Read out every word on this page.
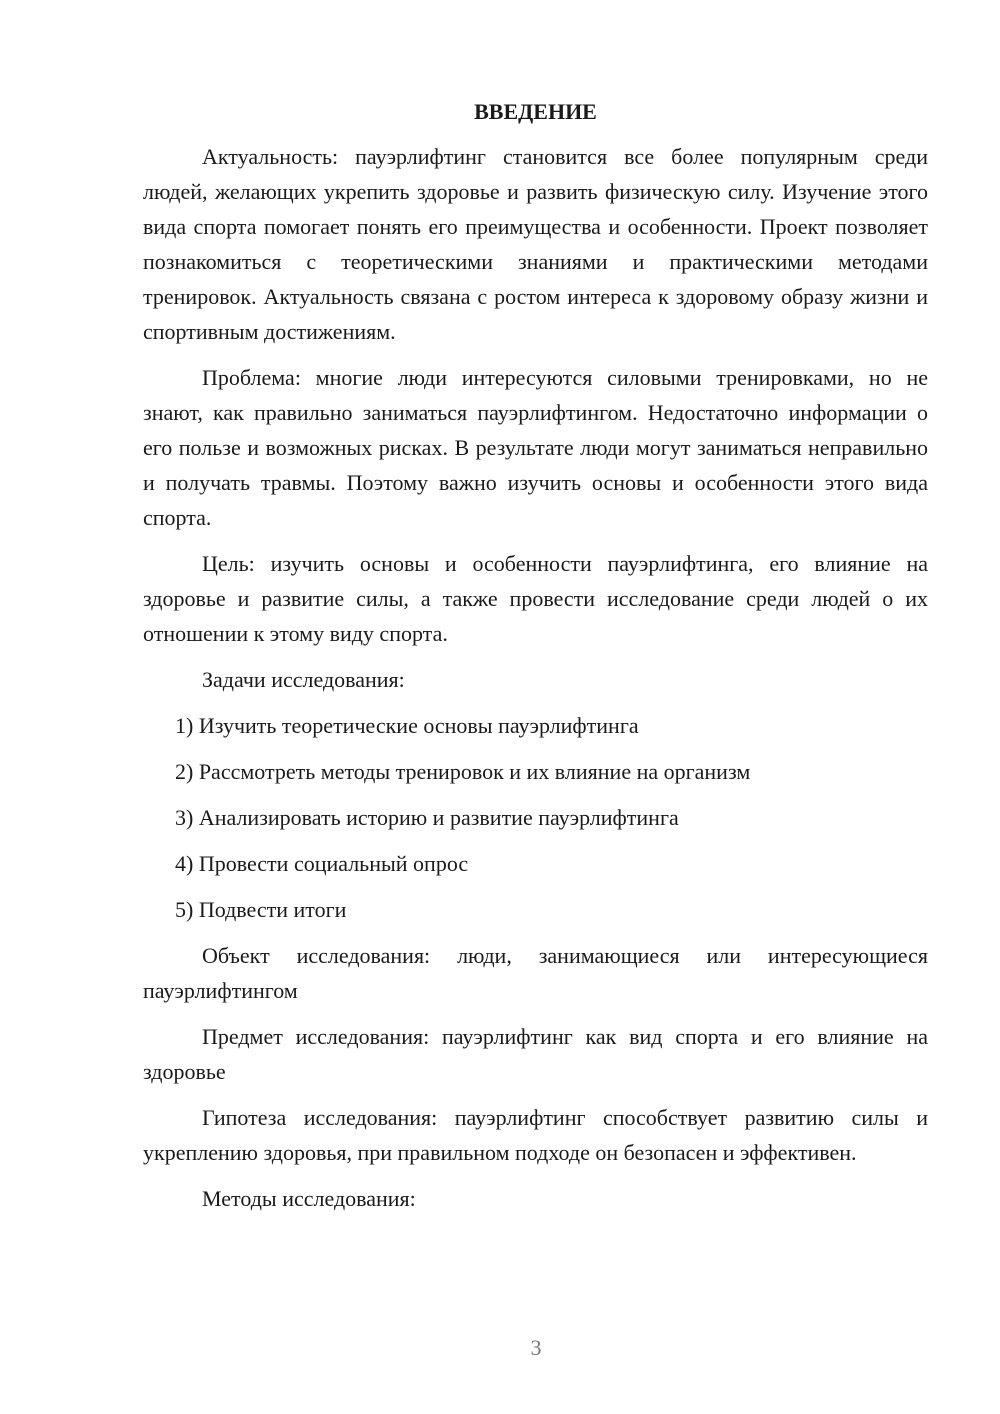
ВВЕДЕНИЕ

Актуальность: пауэрлифтинг становится все более популярным среди людей, желающих укрепить здоровье и развить физическую силу. Изучение этого вида спорта помогает понять его преимущества и особенности. Проект позволяет познакомиться с теоретическими знаниями и практическими методами тренировок. Актуальность связана с ростом интереса к здоровому образу жизни и спортивным достижениям.

Проблема: многие люди интересуются силовыми тренировками, но не знают, как правильно заниматься пауэрлифтингом. Недостаточно информации о его пользе и возможных рисках. В результате люди могут заниматься неправильно и получать травмы. Поэтому важно изучить основы и особенности этого вида спорта.

Цель: изучить основы и особенности пауэрлифтинга, его влияние на здоровье и развитие силы, а также провести исследование среди людей о их отношении к этому виду спорта.

Задачи исследования:

1) Изучить теоретические основы пауэрлифтинга

2) Рассмотреть методы тренировок и их влияние на организм

3) Анализировать историю и развитие пауэрлифтинга

4) Провести социальный опрос

5) Подвести итоги

Объект исследования: люди, занимающиеся или интересующиеся пауэрлифтингом

Предмет исследования: пауэрлифтинг как вид спорта и его влияние на здоровье

Гипотеза исследования: пауэрлифтинг способствует развитию силы и укреплению здоровья, при правильном подходе он безопасен и эффективен.

Методы исследования:

3
